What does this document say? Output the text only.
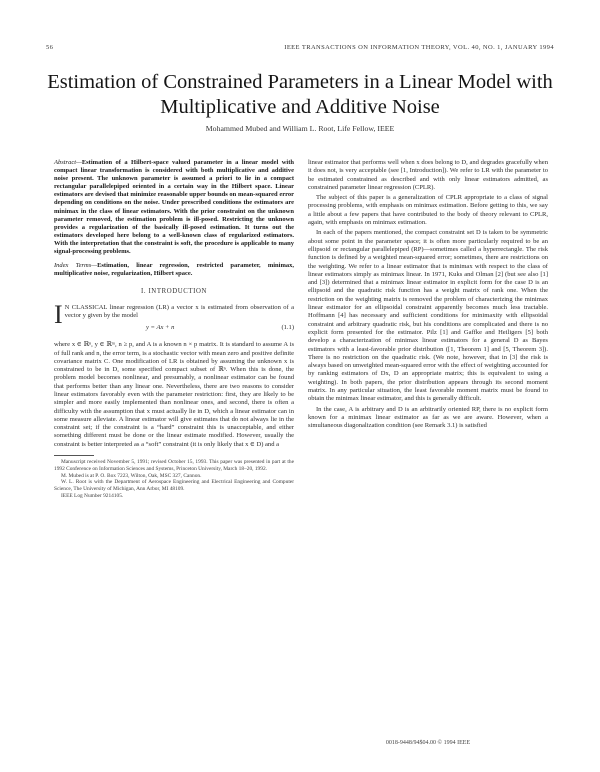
56	IEEE TRANSACTIONS ON INFORMATION THEORY, VOL. 40, NO. 1, JANUARY 1994
Estimation of Constrained Parameters in a Linear Model with Multiplicative and Additive Noise
Mohammed Mubed and William L. Root, Life Fellow, IEEE
Abstract—Estimation of a Hilbert-space valued parameter in a linear model with compact linear transformation is considered with both multiplicative and additive noise present. The unknown parameter is assumed a priori to lie in a compact rectangular parallelepiped oriented in a certain way in the Hilbert space. Linear estimators are devised that minimize reasonable upper bounds on mean-squared error depending on conditions on the noise. Under prescribed conditions the estimators are minimax in the class of linear estimators. With the prior constraint on the unknown parameter removed, the estimation problem is ill-posed. Restricting the unknown provides a regularization of the basically ill-posed estimation. It turns out the estimators developed here belong to a well-known class of regularized estimators. With the interpretation that the constraint is soft, the procedure is applicable to many signal-processing problems.
Index Terms—Estimation, linear regression, restricted parameter, minimax, multiplicative noise, regularization, Hilbert space.
I. INTRODUCTION

I N CLASSICAL linear regression (LR) a vector x is estimated from observation of a vector y given by the model

y = Ax + n	(1.1)

where x ∈ ℝⁿ, y ∈ ℝᵐ, n ≥ p, and A is a known n × p matrix. It is standard to assume A is of full rank and n, the error term, is a stochastic vector with mean zero and positive definite covariance matrix C. One modification of LR is obtained by assuming the unknown x is constrained to be in D, some specified compact subset of ℝⁿ. When this is done, the problem model becomes nonlinear, and presumably, a nonlinear estimator can be found that performs better than any linear one. Nevertheless, there are two reasons to consider linear estimators favorably even with the parameter restriction: first, they are likely to be simpler and more easily implemented than nonlinear ones, and second, there is often a difficulty with the assumption that x must actually lie in D, which a linear estimator can in some measure alleviate. A linear estimator will give estimates that do not always lie in the constraint set; if the constraint is a “hard” constraint this is unacceptable, and either something different must be done or the linear estimate modified. However, usually the constraint is better interpreted as a “soft” constraint (it is only likely that x ∈ D) and a

Manuscript received November 5, 1991; revised October 15, 1993. This paper was presented in part at the 1992 Conference on Information Sciences and Systems, Princeton University, March 18–20, 1992.
M. Mubed is at P. O. Box 7223, Wilton, Oak, MSC 327, Cannon.
W. L. Root is with the Department of Aerospace Engineering and Electrical Engineering and Computer Science, The University of Michigan, Ann Arbor, MI 48109.
IEEE Log Number 9214105.

linear estimator that performs well when x does belong to D, and degrades gracefully when it does not, is very acceptable (see [1, Introduction]). We refer to LR with the parameter to be estimated constrained as described and with only linear estimators admitted, as constrained parameter linear regression (CPLR).

The subject of this paper is a generalization of CPLR appropriate to a class of signal processing problems, with emphasis on minimax estimation. Before getting to this, we say a little about a few papers that have contributed to the body of theory relevant to CPLR, again, with emphasis on minimax estimation.

In each of the papers mentioned, the compact constraint set D is taken to be symmetric about some point in the parameter space; it is often more particularly required to be an ellipsoid or rectangular parallelepiped (RP)—sometimes called a hyperrectangle. The risk function is defined by a weighted mean-squared error; sometimes, there are restrictions on the weighting. We refer to a linear estimator that is minimax with respect to the class of linear estimators simply as minimax linear. In 1971, Kuks and Olman [2] (but see also [1] and [3]) determined that a minimax linear estimator in explicit form for the case D is an ellipsoid and the quadratic risk function has a weight matrix of rank one. When the restriction on the weighting matrix is removed the problem of characterizing the minimax linear estimator for an ellipsoidal constraint apparently becomes much less tractable. Hoffmann [4] has necessary and sufficient conditions for minimaxity with ellipsoidal constraint and arbitrary quadratic risk, but his conditions are complicated and there is no explicit form presented for the estimator. Pilz [1] and Gaffke and Heiligers [5] both develop a characterization of minimax linear estimators for a general D as Bayes estimators with a least-favorable prior distribution ([1, Theorem 1] and [5, Theorem 3]). There is no restriction on the quadratic risk. (We note, however, that in [3] the risk is always based on unweighted mean-squared error with the effect of weighting accounted for by ranking estimators of Dx, D an appropriate matrix; this is equivalent to using a weighting). In both papers, the prior distribution appears through its second moment matrix. In any particular situation, the least favorable moment matrix must be found to obtain the minimax linear estimator, and this is generally difficult.

In the case, A is arbitrary and D is an arbitrarily oriented RP, there is no explicit form known for a minimax linear estimator as far as we are aware. However, when a simultaneous diagonalization condition (see Remark 3.1) is satisfied

0018-9448/94$04.00 © 1994 IEEE
